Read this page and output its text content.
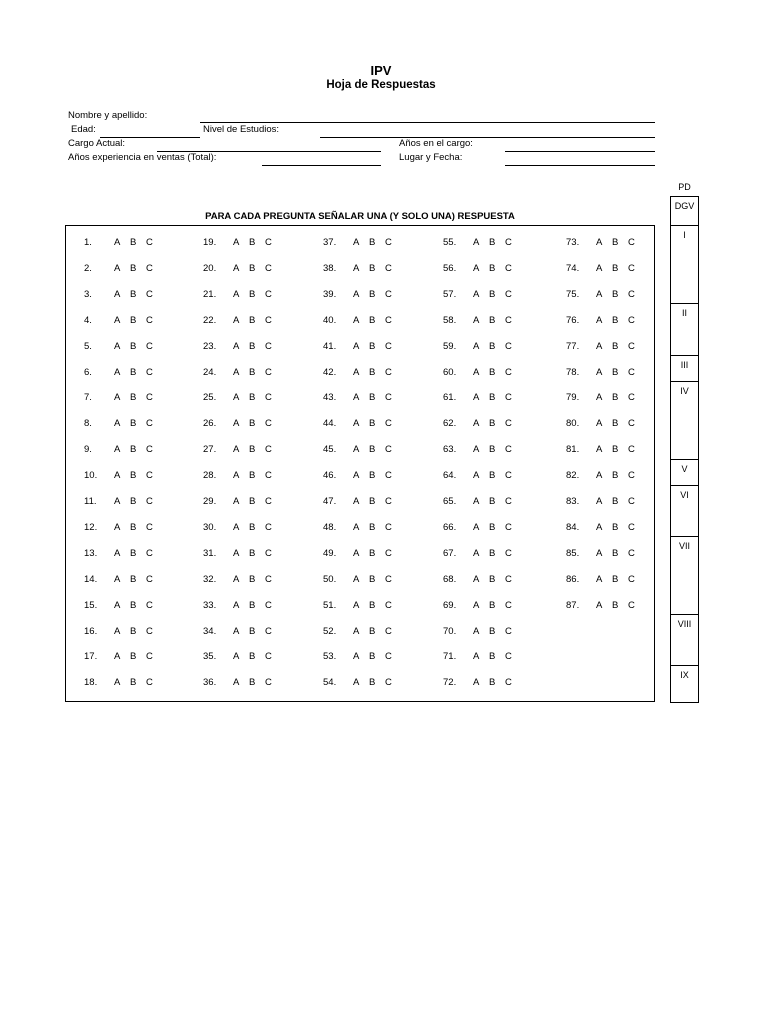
IPV
Hoja de Respuestas
Nombre y apellido:
Edad:	Nivel de Estudios:
Cargo Actual:	Años en el cargo:
Años experiencia en ventas (Total):	Lugar y Fecha:
PARA CADA PREGUNTA SEÑALAR UNA (Y SOLO UNA) RESPUESTA
1. A B C
2. A B C
3. A B C
4. A B C
5. A B C
6. A B C
7. A B C
8. A B C
9. A B C
10. A B C
11. A B C
12. A B C
13. A B C
14. A B C
15. A B C
16. A B C
17. A B C
18. A B C
19. A B C
20. A B C
21. A B C
22. A B C
23. A B C
24. A B C
25. A B C
26. A B C
27. A B C
28. A B C
29. A B C
30. A B C
31. A B C
32. A B C
33. A B C
34. A B C
35. A B C
36. A B C
37. A B C
38. A B C
39. A B C
40. A B C
41. A B C
42. A B C
43. A B C
44. A B C
45. A B C
46. A B C
47. A B C
48. A B C
49. A B C
50. A B C
51. A B C
52. A B C
53. A B C
54. A B C
55. A B C
56. A B C
57. A B C
58. A B C
59. A B C
60. A B C
61. A B C
62. A B C
63. A B C
64. A B C
65. A B C
66. A B C
67. A B C
68. A B C
69. A B C
70. A B C
71. A B C
72. A B C
73. A B C
74. A B C
75. A B C
76. A B C
77. A B C
78. A B C
79. A B C
80. A B C
81. A B C
82. A B C
83. A B C
84. A B C
85. A B C
86. A B C
87. A B C
PD
DGV
I
II
III
IV
V
VI
VII
VIII
IX
